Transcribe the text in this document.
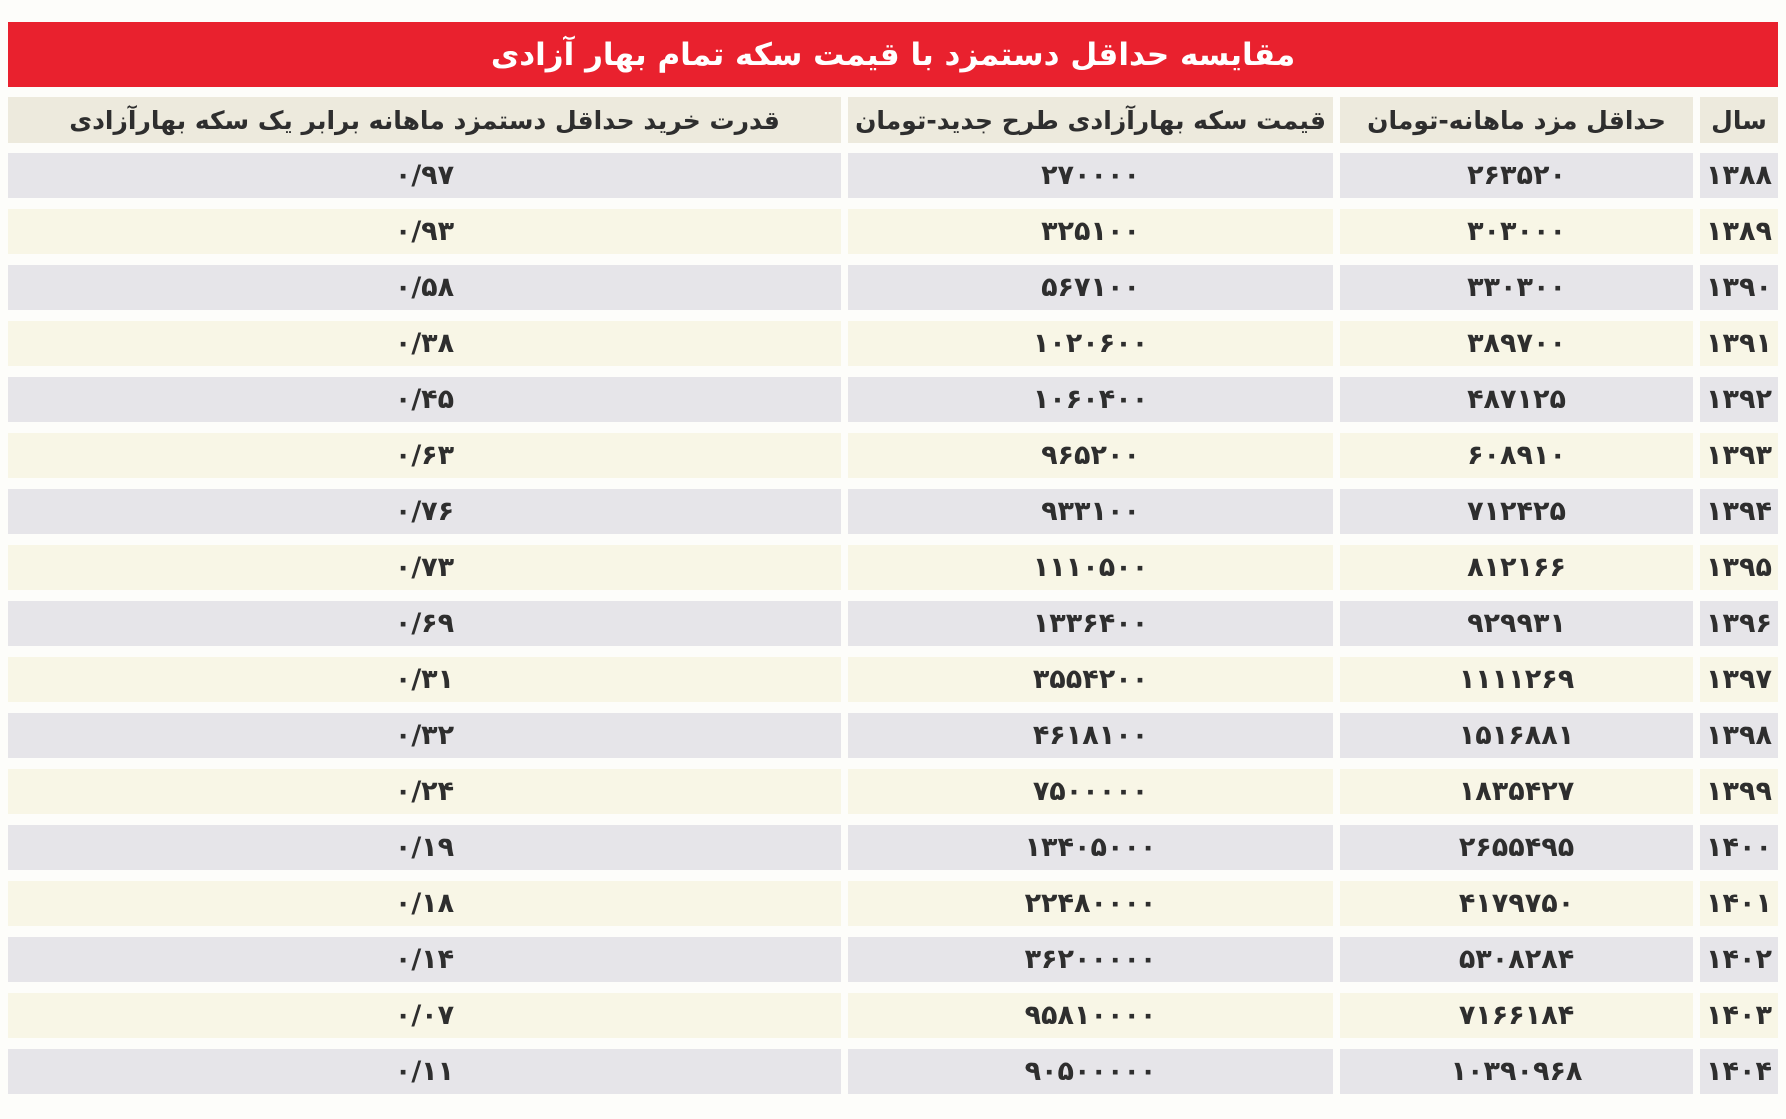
مقایسه حداقل دستمزد با قیمت سکه تمام بهار آزادی
سال
حداقل مزد ماهانه-تومان
قیمت سکه بهارآزادی طرح جدید-تومان
قدرت خرید حداقل دستمزد ماهانه برابر یک سکه بهارآزادی
۱۳۸۸
۲۶۳۵۲۰
۲۷۰۰۰۰
۰/۹۷
۱۳۸۹
۳۰۳۰۰۰
۳۲۵۱۰۰
۰/۹۳
۱۳۹۰
۳۳۰۳۰۰
۵۶۷۱۰۰
۰/۵۸
۱۳۹۱
۳۸۹۷۰۰
۱۰۲۰۶۰۰
۰/۳۸
۱۳۹۲
۴۸۷۱۲۵
۱۰۶۰۴۰۰
۰/۴۵
۱۳۹۳
۶۰۸۹۱۰
۹۶۵۲۰۰
۰/۶۳
۱۳۹۴
۷۱۲۴۲۵
۹۳۳۱۰۰
۰/۷۶
۱۳۹۵
۸۱۲۱۶۶
۱۱۱۰۵۰۰
۰/۷۳
۱۳۹۶
۹۲۹۹۳۱
۱۳۳۶۴۰۰
۰/۶۹
۱۳۹۷
۱۱۱۱۲۶۹
۳۵۵۴۲۰۰
۰/۳۱
۱۳۹۸
۱۵۱۶۸۸۱
۴۶۱۸۱۰۰
۰/۳۲
۱۳۹۹
۱۸۳۵۴۲۷
۷۵۰۰۰۰۰
۰/۲۴
۱۴۰۰
۲۶۵۵۴۹۵
۱۳۴۰۵۰۰۰
۰/۱۹
۱۴۰۱
۴۱۷۹۷۵۰
۲۲۴۸۰۰۰۰
۰/۱۸
۱۴۰۲
۵۳۰۸۲۸۴
۳۶۲۰۰۰۰۰
۰/۱۴
۱۴۰۳
۷۱۶۶۱۸۴
۹۵۸۱۰۰۰۰
۰/۰۷
۱۴۰۴
۱۰۳۹۰۹۶۸
۹۰۵۰۰۰۰۰
۰/۱۱
